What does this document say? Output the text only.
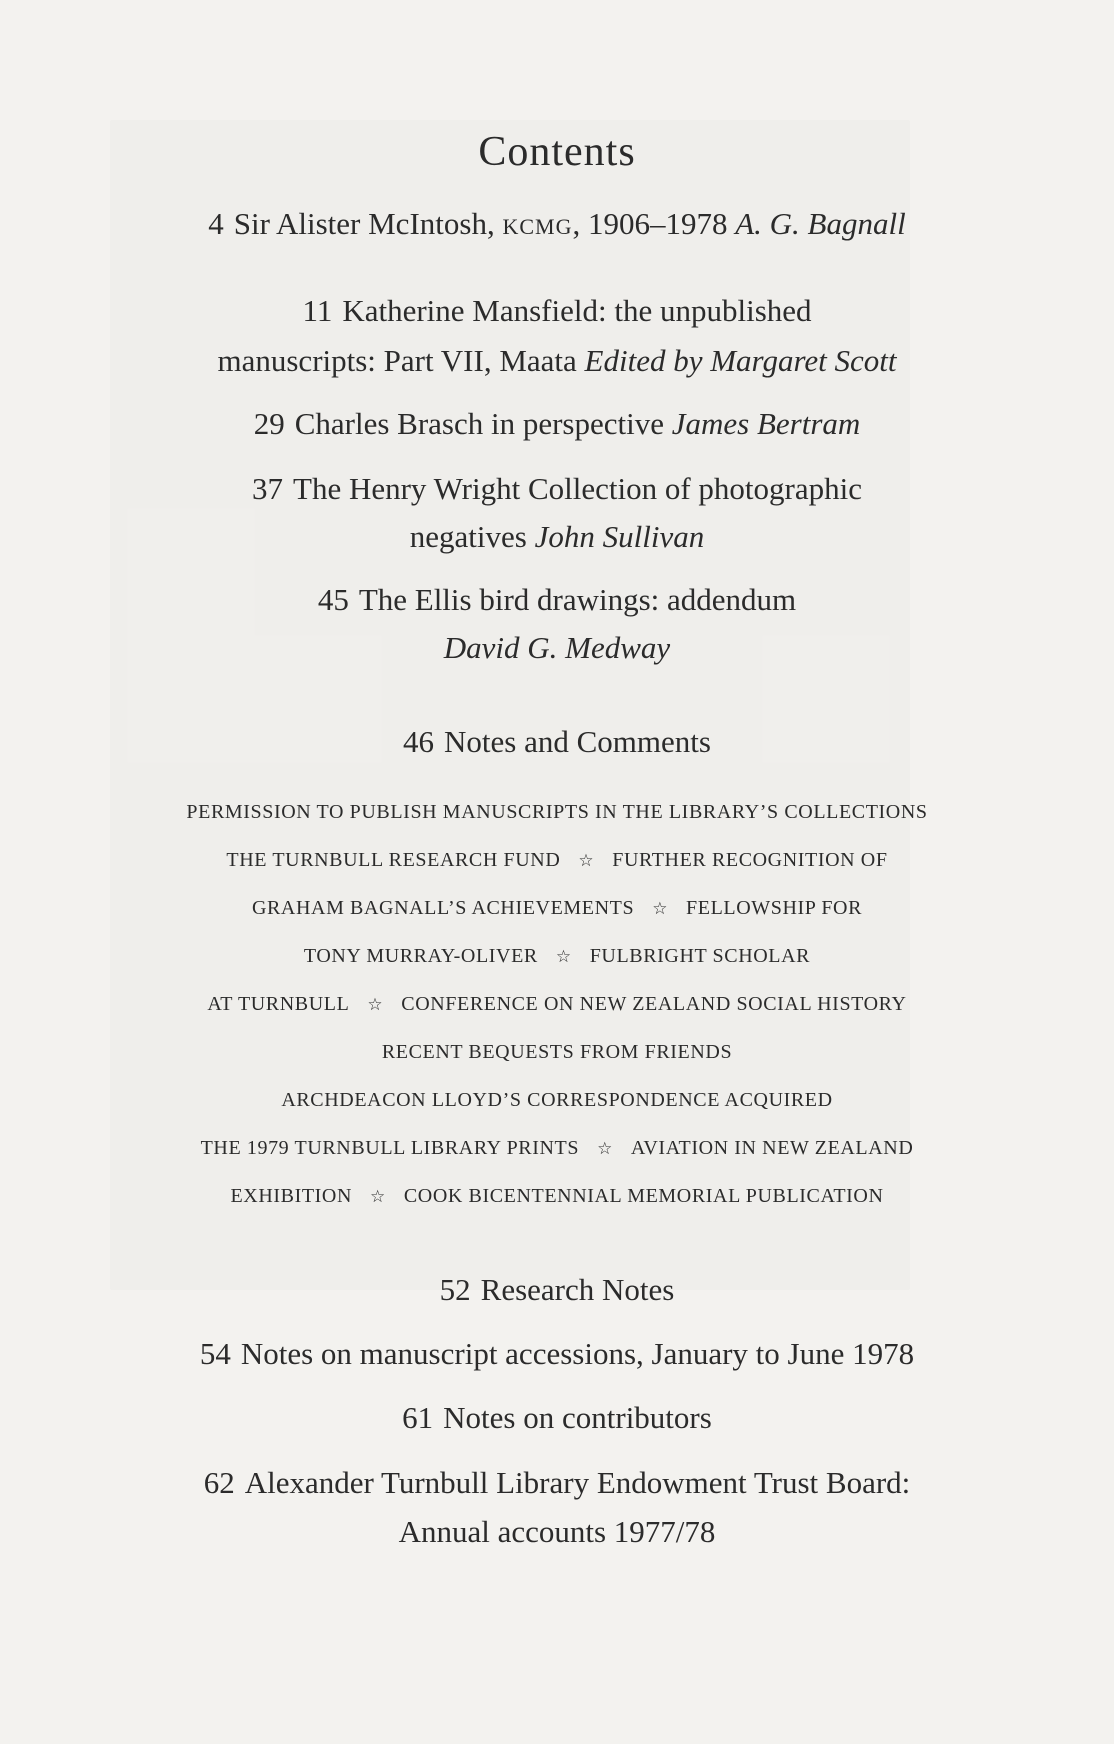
Contents
4 Sir Alister McIntosh, kcmg, 1906–1978 A. G. Bagnall
11 Katherine Mansfield: the unpublished
manuscripts: Part VII, Maata Edited by Margaret Scott
29 Charles Brasch in perspective James Bertram
37 The Henry Wright Collection of photographic
negatives John Sullivan
45 The Ellis bird drawings: addendum
David G. Medway
46 Notes and Comments
PERMISSION TO PUBLISH MANUSCRIPTS IN THE LIBRARY’S COLLECTIONS
THE TURNBULL RESEARCH FUND ☆ FURTHER RECOGNITION OF
GRAHAM BAGNALL’S ACHIEVEMENTS ☆ FELLOWSHIP FOR
TONY MURRAY-OLIVER ☆ FULBRIGHT SCHOLAR
AT TURNBULL ☆ CONFERENCE ON NEW ZEALAND SOCIAL HISTORY
RECENT BEQUESTS FROM FRIENDS
ARCHDEACON LLOYD’S CORRESPONDENCE ACQUIRED
THE 1979 TURNBULL LIBRARY PRINTS ☆ AVIATION IN NEW ZEALAND
EXHIBITION ☆ COOK BICENTENNIAL MEMORIAL PUBLICATION
52 Research Notes
54 Notes on manuscript accessions, January to June 1978
61 Notes on contributors
62 Alexander Turnbull Library Endowment Trust Board:
Annual accounts 1977/78
